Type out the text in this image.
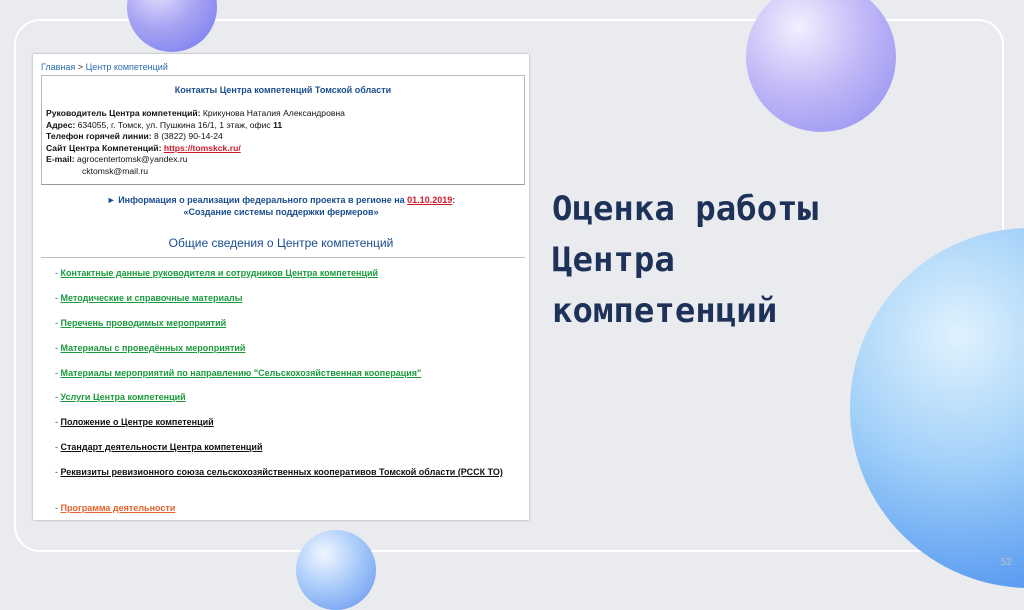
Главная > Центр компетенций
Контакты Центра компетенций Томской области
Руководитель Центра компетенций: Крикунова Наталия Александровна
Адрес: 634055, г. Томск, ул. Пушкина 16/1, 1 этаж, офис 11
Телефон горячей линии: 8 (3822) 90-14-24
Сайт Центра Компетенций: https://tomskck.ru/
E-mail: agrocentertomsk@yandex.ru
cktomsk@mail.ru
► Информация о реализации федерального проекта в регионе на 01.10.2019:
«Создание системы поддержки фермеров»
Общие сведения о Центре компетенций
- Контактные данные руководителя и сотрудников Центра компетенций
- Методические и справочные материалы
- Перечень проводимых мероприятий
- Материалы с проведённых мероприятий
- Материалы мероприятий по направлению "Сельскохозяйственная кооперация"
- Услуги Центра компетенций
- Положение о Центре компетенций
- Стандарт деятельности Центра компетенций
- Реквизиты ревизионного союза сельскохозяйственных кооперативов Томской области (РССК ТО)
- Программа деятельности
Оценка работы
Центра
компетенций
52
